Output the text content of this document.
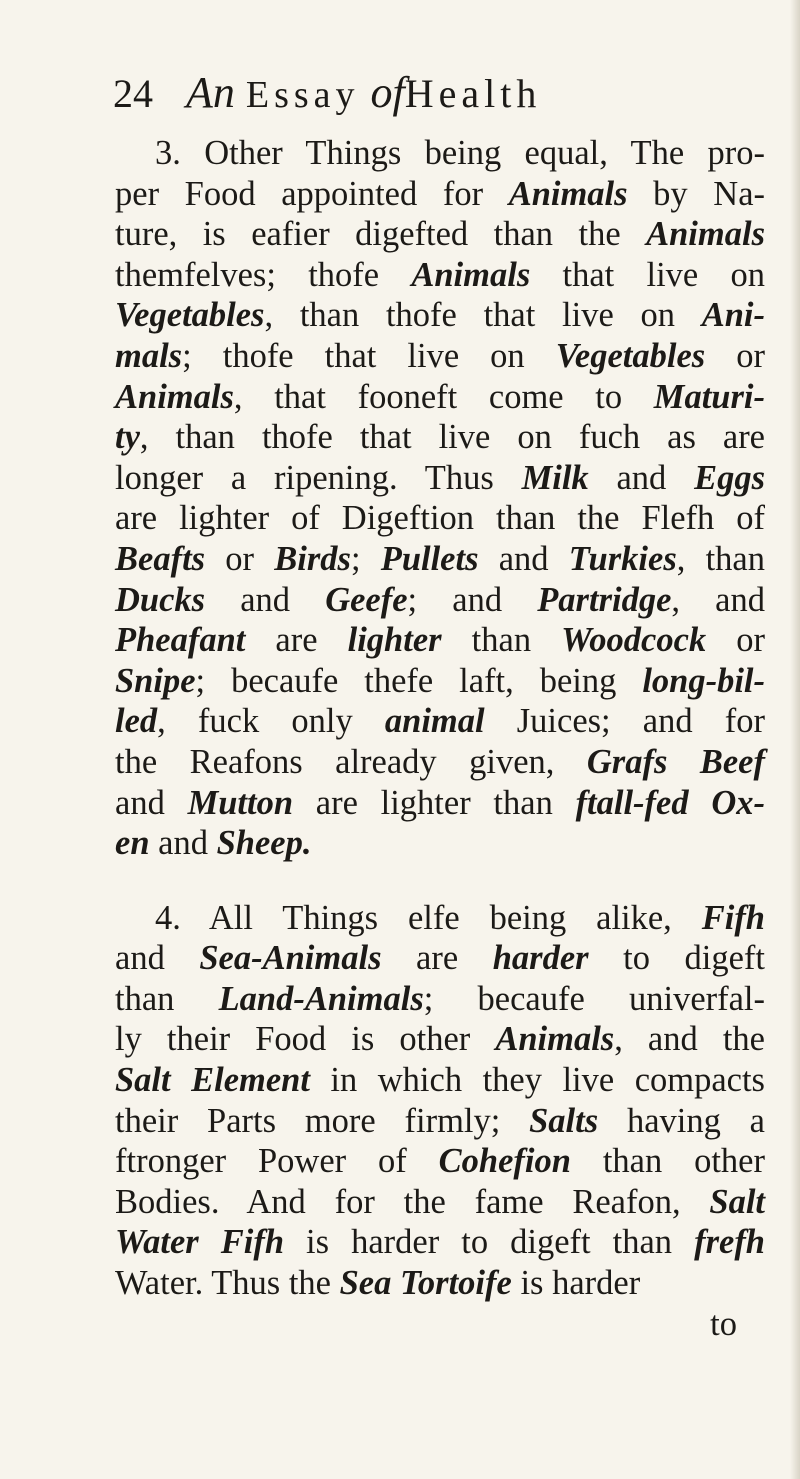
24 An Essay ofHealth
3. Other Things being equal, The pro-
per Food appointed for Animals by Na-
ture, is eafier digefted than the Animals
themfelves; thofe Animals that live on
Vegetables, than thofe that live on Ani-
mals; thofe that live on Vegetables or
Animals, that fooneft come to Maturi-
ty, than thofe that live on fuch as are
longer a ripening. Thus Milk and Eggs
are lighter of Digeftion than the Flefh of
Beafts or Birds; Pullets and Turkies, than
Ducks and Geefe; and Partridge, and
Pheafant are lighter than Woodcock or
Snipe; becaufe thefe laft, being long-bil-
led, fuck only animal Juices; and for
the Reafons already given, Grafs Beef
and Mutton are lighter than ftall-fed Ox-
en and Sheep.
4. All Things elfe being alike, Fifh
and Sea-Animals are harder to digeft
than Land-Animals; becaufe univerfal-
ly their Food is other Animals, and the
Salt Element in which they live compacts
their Parts more firmly; Salts having a
ftronger Power of Cohefion than other
Bodies. And for the fame Reafon, Salt
Water Fifh is harder to digeft than frefh
Water. Thus the Sea Tortoife is harder
to
